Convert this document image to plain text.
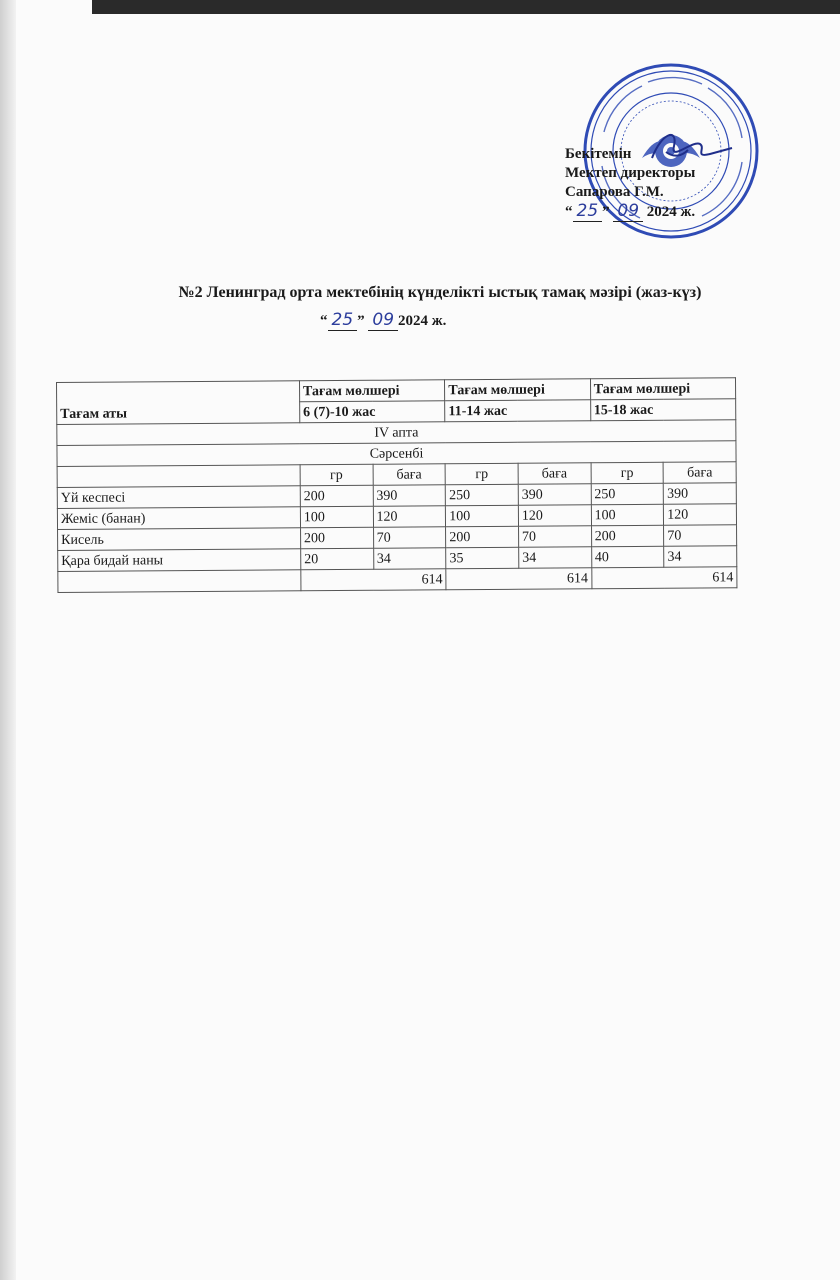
Бекітемін
Мектеп директоры
Сапарова Г.М.
“ 25 ” 09 2024 ж.
№2 Ленинград орта мектебінің күнделікті ыстық тамақ мәзірі (жаз-күз)
“ 25 ” 09 2024 ж.
Тағам аты	Тағам мөлшері		Тағам мөлшері		Тағам мөлшері	
	6 (7)-10 жас		11-14 жас		15-18 жас	
IV апта						
Сәрсенбі						
	гр	баға	гр	баға	гр	баға
Үй кеспесі	200	390	250	390	250	390
Жеміс (банан)	100	120	100	120	100	120
Кисель	200	70	200	70	200	70
Қара бидай наны	20	34	35	34	40	34
	614		614		614	
